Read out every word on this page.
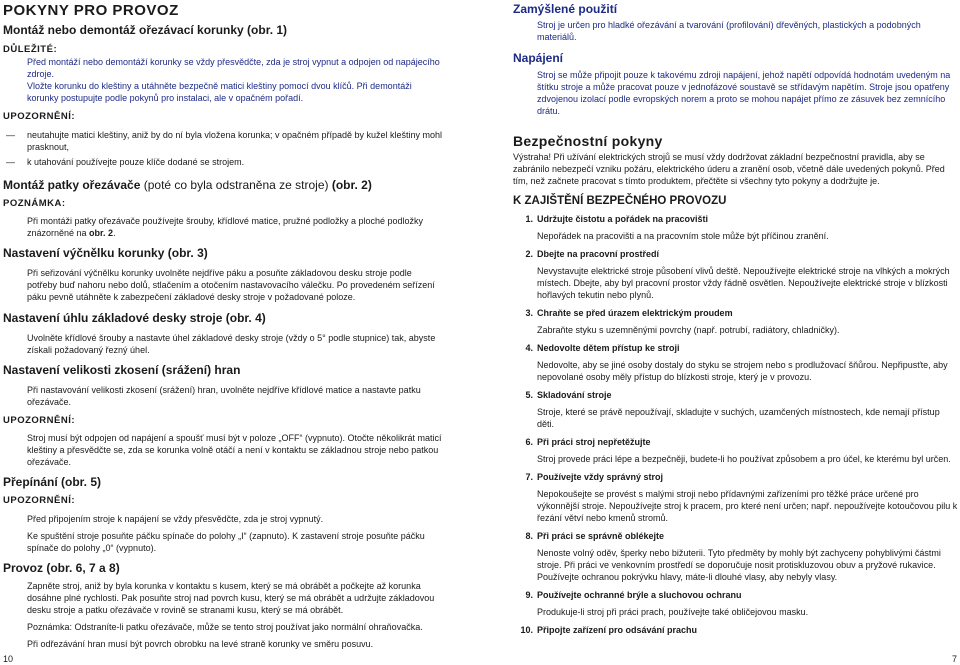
POKYNY PRO PROVOZ
Montáž nebo demontáž ořezávací korunky (obr. 1)
DŮLEŽITÉ:
Před montáží nebo demontáží korunky se vždy přesvědčte, zda je stroj vypnut a odpojen od napájecího zdroje.
Vložte korunku do kleštiny a utáhněte bezpečně matici kleštiny pomocí dvou klíčů. Při demontáži korunky postupujte podle pokynů pro instalaci, ale v opačném pořadí.
UPOZORNĚNÍ:
— neutahujte matici kleštiny, aniž by do ní byla vložena korunka; v opačném případě by kužel kleštiny mohl prasknout,
— k utahování používejte pouze klíče dodané se strojem.
Montáž patky ořezávače (poté co byla odstraněna ze stroje) (obr. 2)
POZNÁMKA:
Při montáži patky ořezávače používejte šrouby, křídlové matice, pružné podložky a ploché podložky znázorněné na obr. 2.
Nastavení výčnělku korunky (obr. 3)
Při seřizování výčnělku korunky uvolněte nejdříve páku a posuňte základovou desku stroje podle potřeby buď nahoru nebo dolů, stlačením a otočením nastavovacího válečku. Po provedeném seřízení páku pevně utáhněte k zabezpečení základové desky stroje v požadované poloze.
Nastavení úhlu základové desky stroje (obr. 4)
Uvolněte křídlové šrouby a nastavte úhel základové desky stroje (vždy o 5° podle stupnice) tak, abyste získali požadovaný řezný úhel.
Nastavení velikosti zkosení (srážení) hran
Při nastavování velikosti zkosení (srážení) hran, uvolněte nejdříve křídlové matice a nastavte patku ořezávače.
UPOZORNĚNÍ:
Stroj musí být odpojen od napájení a spoušť musí být v poloze „OFF“ (vypnuto). Otočte několikrát maticí kleštiny a přesvědčte se, zda se korunka volně otáčí a není v kontaktu se základnou stroje nebo patkou ořezávače.
Přepínání (obr. 5)
UPOZORNĚNÍ:
Před připojením stroje k napájení se vždy přesvědčte, zda je stroj vypnutý.
Ke spuštění stroje posuňte páčku spínače do polohy „I“ (zapnuto). K zastavení stroje posuňte páčku spínače do polohy „0“ (vypnuto).
Provoz (obr. 6, 7 a 8)
Zapněte stroj, aniž by byla korunka v kontaktu s kusem, který se má obrábět a počkejte až korunka dosáhne plné rychlosti. Pak posuňte stroj nad povrch kusu, který se má obrábět a udržujte základovou desku stroje a patku ořezávače v rovině se stranami kusu, který se má obrábět.
Poznámka: Odstraníte-li patku ořezávače, může se tento stroj používat jako normální ohraňovačka.
Při odřezávání hran musí být povrch obrobku na levé straně korunky ve směru posuvu.
10
Zamýšlené použití
Stroj je určen pro hladké ořezávání a tvarování (profilování) dřevěných, plastických a podobných materiálů.
Napájení
Stroj se může připojit pouze k takovému zdroji napájení, jehož napětí odpovídá hodnotám uvedeným na štítku stroje a může pracovat pouze v jednofázové soustavě se střídavým napětím. Stroje jsou opatřeny zdvojenou izolací podle evropských norem a proto se mohou napájet přímo ze zásuvek bez zemnícího drátu.
Bezpečnostní pokyny
Výstraha! Při užívání elektrických strojů se musí vždy dodržovat základní bezpečnostní pravidla, aby se zabránilo nebezpečí vzniku požáru, elektrického úderu a zranění osob, včetně dále uvedených pokynů. Před tím, než začnete pracovat s tímto produktem, přečtěte si všechny tyto pokyny a dodržujte je.
K ZAJIŠTĚNÍ BEZPEČNÉHO PROVOZU
1. Udržujte čistotu a pořádek na pracovišti
Nepořádek na pracovišti a na pracovním stole může být příčinou zranění.
2. Dbejte na pracovní prostředí
Nevystavujte elektrické stroje působení vlivů deště. Nepoužívejte elektrické stroje na vlhkých a mokrých místech. Dbejte, aby byl pracovní prostor vždy řádně osvětlen. Nepoužívejte elektrické stroje v blízkosti hořlavých tekutin nebo plynů.
3. Chraňte se před úrazem elektrickým proudem
Zabraňte styku s uzemněnými povrchy (např. potrubí, radiátory, chladničky).
4. Nedovolte dětem přístup ke stroji
Nedovolte, aby se jiné osoby dostaly do styku se strojem nebo s prodlužovací šňůrou. Nepřipusťte, aby nepovolané osoby měly přístup do blízkosti stroje, který je v provozu.
5. Skladování stroje
Stroje, které se právě nepoužívají, skladujte v suchých, uzamčených místnostech, kde nemají přístup děti.
6. Při práci stroj nepřetěžujte
Stroj provede práci lépe a bezpečněji, budete-li ho používat způsobem a pro účel, ke kterému byl určen.
7. Používejte vždy správný stroj
Nepokoušejte se provést s malými stroji nebo přídavnými zařízeními pro těžké práce určené pro výkonnější stroje. Nepoužívejte stroj k pracem, pro které není určen; např. nepoužívejte kotoučovou pilu k řezání větví nebo kmenů stromů.
8. Při práci se správně oblékejte
Nenoste volný oděv, šperky nebo bižuterii. Tyto předměty by mohly být zachyceny pohyblivými částmi stroje. Při práci ve venkovním prostředí se doporučuje nosit protiskluzovou obuv a pryžové rukavice. Používejte ochranou pokrývku hlavy, máte-li dlouhé vlasy, aby nebyly vlasy.
9. Používejte ochranné brýle a sluchovou ochranu
Produkuje-li stroj při práci prach, používejte také obličejovou masku.
10. Připojte zařízení pro odsávání prachu
7
